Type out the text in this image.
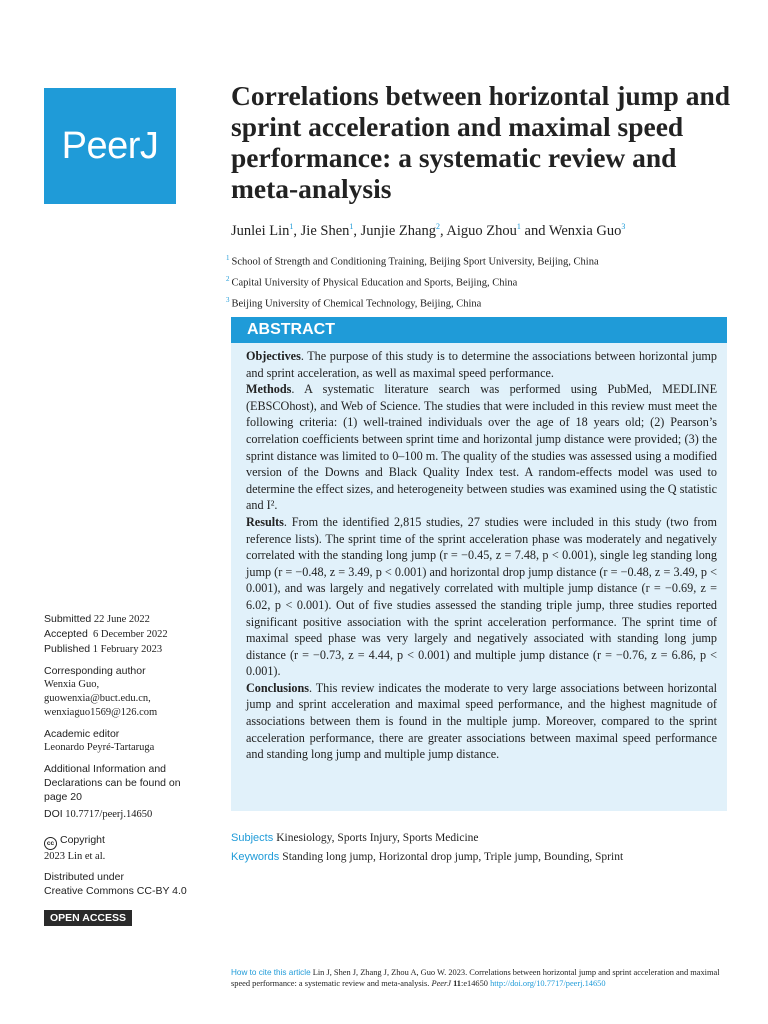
PeerJ
Correlations between horizontal jump and sprint acceleration and maximal speed performance: a systematic review and meta-analysis
Junlei Lin$^1$, Jie Shen$^1$, Junjie Zhang$^2$, Aiguo Zhou$^1$ and Wenxia Guo$^3$
$^1$ School of Strength and Conditioning Training, Beijing Sport University, Beijing, China
$^2$ Capital University of Physical Education and Sports, Beijing, China
$^3$ Beijing University of Chemical Technology, Beijing, China
ABSTRACT

Objectives. The purpose of this study is to determine the associations between horizontal jump and sprint acceleration, as well as maximal speed performance.

Methods. A systematic literature search was performed using PubMed, MEDLINE (EBSCOhost), and Web of Science. The studies that were included in this review must meet the following criteria: (1) well-trained individuals over the age of 18 years old; (2) Pearson’s correlation coefficients between sprint time and horizontal jump distance were provided; (3) the sprint distance was limited to 0–100 m. The quality of the studies was assessed using a modified version of the Downs and Black Quality Index test. A random-effects model was used to determine the effect sizes, and heterogeneity between studies was examined using the Q statistic and I².

Results. From the identified 2,815 studies, 27 studies were included in this study (two from reference lists). The sprint time of the sprint acceleration phase was moderately and negatively correlated with the standing long jump (r = −0.45, z = 7.48, p < 0.001), single leg standing long jump (r = −0.48, z = 3.49, p < 0.001) and horizontal drop jump distance (r = −0.48, z = 3.49, p < 0.001), and was largely and negatively correlated with multiple jump distance (r = −0.69, z = 6.02, p < 0.001). Out of five studies assessed the standing triple jump, three studies reported significant positive association with the sprint acceleration performance. The sprint time of maximal speed phase was very largely and negatively associated with standing long jump distance (r = −0.73, z = 4.44, p < 0.001) and multiple jump distance (r = −0.76, z = 6.86, p < 0.001).

Conclusions. This review indicates the moderate to very large associations between horizontal jump and sprint acceleration and maximal speed performance, and the highest magnitude of associations between them is found in the multiple jump. Moreover, compared to the sprint acceleration performance, there are greater associations between maximal speed performance and standing long jump and multiple jump distance.

Subjects Kinesiology, Sports Injury, Sports Medicine
Keywords Standing long jump, Horizontal drop jump, Triple jump, Bounding, Sprint
Submitted 22 June 2022
Accepted 6 December 2022
Published 1 February 2023
Corresponding author
Wenxia Guo,
guowenxia@buct.edu.cn,
wenxiaguo1569@126.com
Academic editor
Leonardo Peyré-Tartaruga
Additional Information and
Declarations can be found on
page 20
DOI 10.7717/peerj.14650
cc Copyright
2023 Lin et al.
Distributed under
Creative Commons CC-BY 4.0
OPEN ACCESS
How to cite this article Lin J, Shen J, Zhang J, Zhou A, Guo W. 2023. Correlations between horizontal jump and sprint acceleration and maximal speed performance: a systematic review and meta-analysis. PeerJ 11:e14650 http://doi.org/10.7717/peerj.14650
